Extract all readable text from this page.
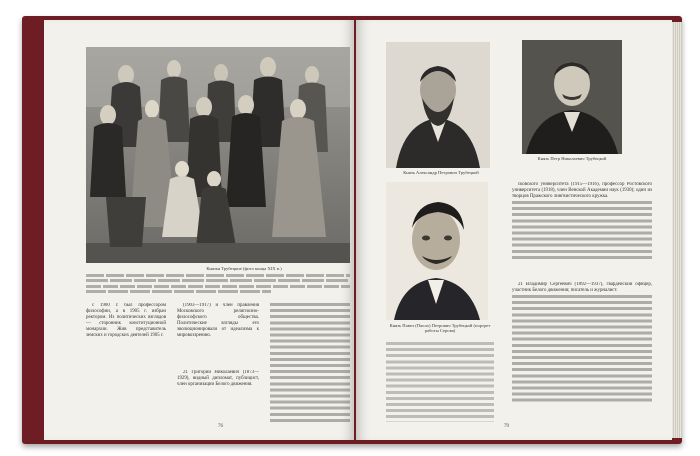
Князья Трубецкие (фото конца XIX в.)

с 1900 г. был профессором философии, а в 1905 г. избран ректором. Из политических взглядов — сторонник конституционной монархии. Жив представитель земских и городских деятелей 1905 г.

(1903—1917) и член правления Московского религиозно-философского общества. Политические взгляды его эволюционировали от идеализма к мировоззрению.

21 Григорий Николаевич (1873—1929), видный дипломат, публицист, член организации Белого движения.

76
Князь Александр Петрович Трубецкой
Князь Петр Николаевич Трубецкой
Князь Павел (Паоло) Петрович Трубецкой (портрет работы Серова)

сковского университета (1915—1916), профессор Ростовского университета (1918), член Венской Академии наук (1930); один из творцов Пражского лингвистического кружка.

21 Владимир Сергеевич (1892—1937), гвардейский офицер, участник Белого движения; писатель и журналист.

79
